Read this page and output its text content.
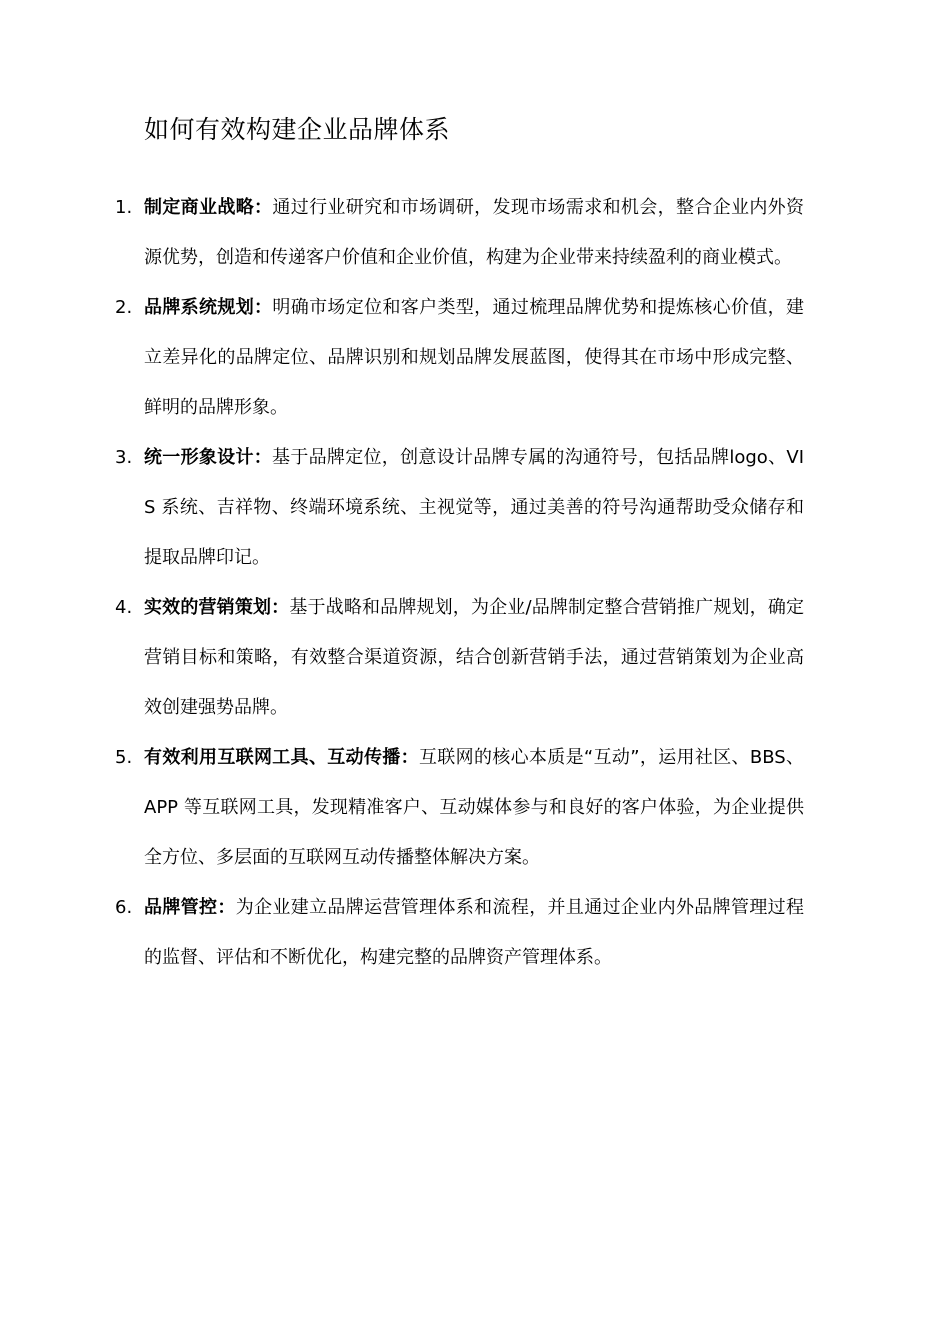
如何有效构建企业品牌体系
1. 制定商业战略：通过行业研究和市场调研，发现市场需求和机会，整合企业内外资源优势，创造和传递客户价值和企业价值，构建为企业带来持续盈利的商业模式。
2. 品牌系统规划：明确市场定位和客户类型，通过梳理品牌优势和提炼核心价值，建立差异化的品牌定位、品牌识别和规划品牌发展蓝图，使得其在市场中形成完整、鲜明的品牌形象。
3. 统一形象设计：基于品牌定位，创意设计品牌专属的沟通符号，包括品牌logo、VIS 系统、吉祥物、终端环境系统、主视觉等，通过美善的符号沟通帮助受众储存和提取品牌印记。
4. 实效的营销策划：基于战略和品牌规划，为企业/品牌制定整合营销推广规划，确定营销目标和策略，有效整合渠道资源，结合创新营销手法，通过营销策划为企业高效创建强势品牌。
5. 有效利用互联网工具、互动传播：互联网的核心本质是“互动”，运用社区、BBS、APP 等互联网工具，发现精准客户、互动媒体参与和良好的客户体验，为企业提供全方位、多层面的互联网互动传播整体解决方案。
6. 品牌管控：为企业建立品牌运营管理体系和流程，并且通过企业内外品牌管理过程的监督、评估和不断优化，构建完整的品牌资产管理体系。
